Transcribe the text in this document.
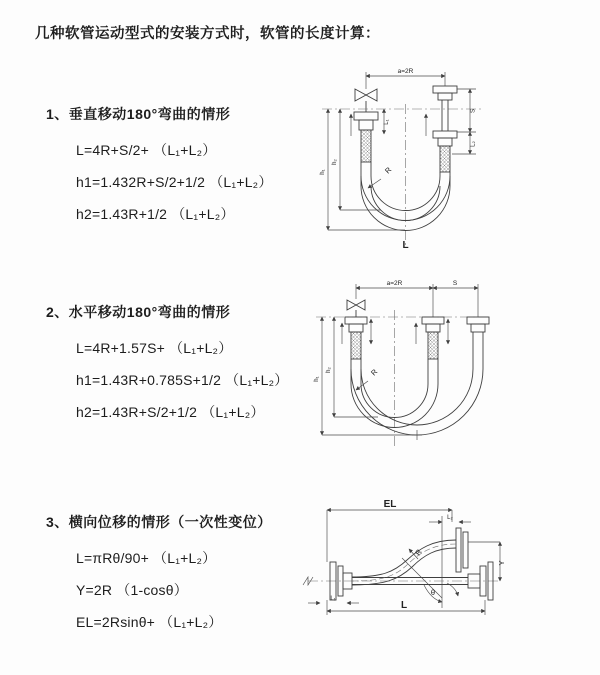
几种软管运动型式的安装方式时，软管的长度计算：

1、垂直移动180°弯曲的情形

L=4R+S/2+ （L₁+L₂）

h1=1.432R+S/2+1/2 （L₁+L₂）

h2=1.43R+1/2 （L₁+L₂）

2、水平移动180°弯曲的情形

L=4R+1.57S+ （L₁+L₂）

h1=1.43R+0.785S+1/2 （L₁+L₂）

h2=1.43R+S/2+1/2 （L₁+L₂）

3、横向位移的情形（一次性变位）

L=πRθ/90+ （L₁+L₂）

Y=2R （1-cosθ）

EL=2Rsinθ+ （L₁+L₂）

a=2R
L₁
S
L₂
h₁
h₂
R
L
a=2R	S
h₁
h₂	R
EL
L₂
Y
R
θ
L
L₁
